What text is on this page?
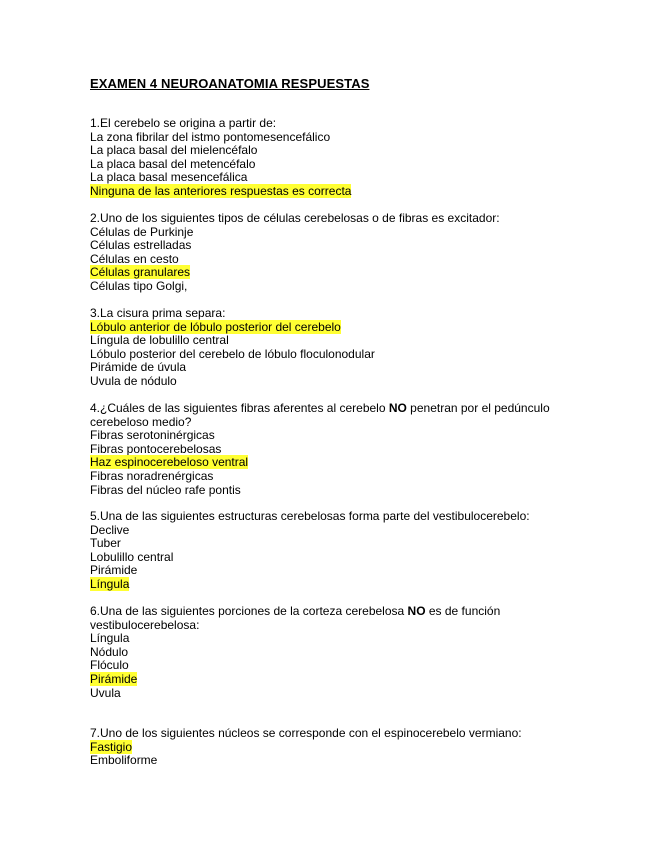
EXAMEN 4 NEUROANATOMIA RESPUESTAS
1.El cerebelo se origina a partir de:
La zona fibrilar del istmo pontomesencefálico
La placa basal del mielencéfalo
La placa basal del metencéfalo
La placa basal mesencefálica
Ninguna de las anteriores respuestas es correcta
2.Uno de los siguientes tipos de células cerebelosas o de fibras es excitador:
Células de Purkinje
Células estrelladas
Células en cesto
Células granulares
Células tipo Golgi,
3.La cisura prima separa:
Lóbulo anterior de lóbulo posterior del cerebelo
Língula de lobulillo central
Lóbulo posterior del cerebelo de lóbulo floculonodular
Pirámide de úvula
Uvula de nódulo
4.¿Cuáles de las siguientes fibras aferentes al cerebelo NO penetran por el pedúnculo
cerebeloso medio?
Fibras serotoninérgicas
Fibras pontocerebelosas
Haz espinocerebeloso ventral
Fibras noradrenérgicas
Fibras del núcleo rafe pontis
5.Una de las siguientes estructuras cerebelosas forma parte del vestibulocerebelo:
Declive
Tuber
Lobulillo central
Pirámide
Língula
6.Una de las siguientes porciones de la corteza cerebelosa NO es de función
vestibulocerebelosa:
Língula
Nódulo
Flóculo
Pirámide
Uvula
7.Uno de los siguientes núcleos se corresponde con el espinocerebelo vermiano:
Fastigio
Emboliforme
